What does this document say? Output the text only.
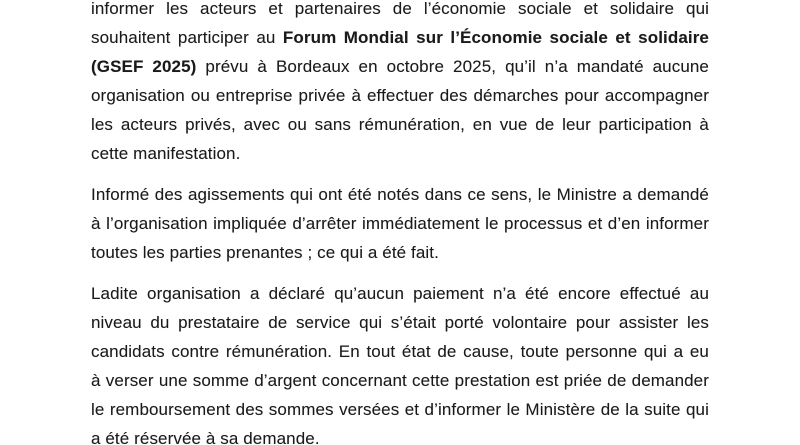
informer les acteurs et partenaires de l’économie sociale et solidaire qui
souhaitent participer au Forum Mondial sur l’Économie sociale et solidaire
(GSEF 2025) prévu à Bordeaux en octobre 2025, qu’il n’a mandaté aucune
organisation ou entreprise privée à effectuer des démarches pour accompagner
les acteurs privés, avec ou sans rémunération, en vue de leur participation à
cette manifestation.
Informé des agissements qui ont été notés dans ce sens, le Ministre a demandé
à l’organisation impliquée d’arrêter immédiatement le processus et d’en informer
toutes les parties prenantes ; ce qui a été fait.
Ladite organisation a déclaré qu’aucun paiement n’a été encore effectué au
niveau du prestataire de service qui s’était porté volontaire pour assister les
candidats contre rémunération. En tout état de cause, toute personne qui a eu
à verser une somme d’argent concernant cette prestation est priée de demander
le remboursement des sommes versées et d’informer le Ministère de la suite qui
a été réservée à sa demande.
